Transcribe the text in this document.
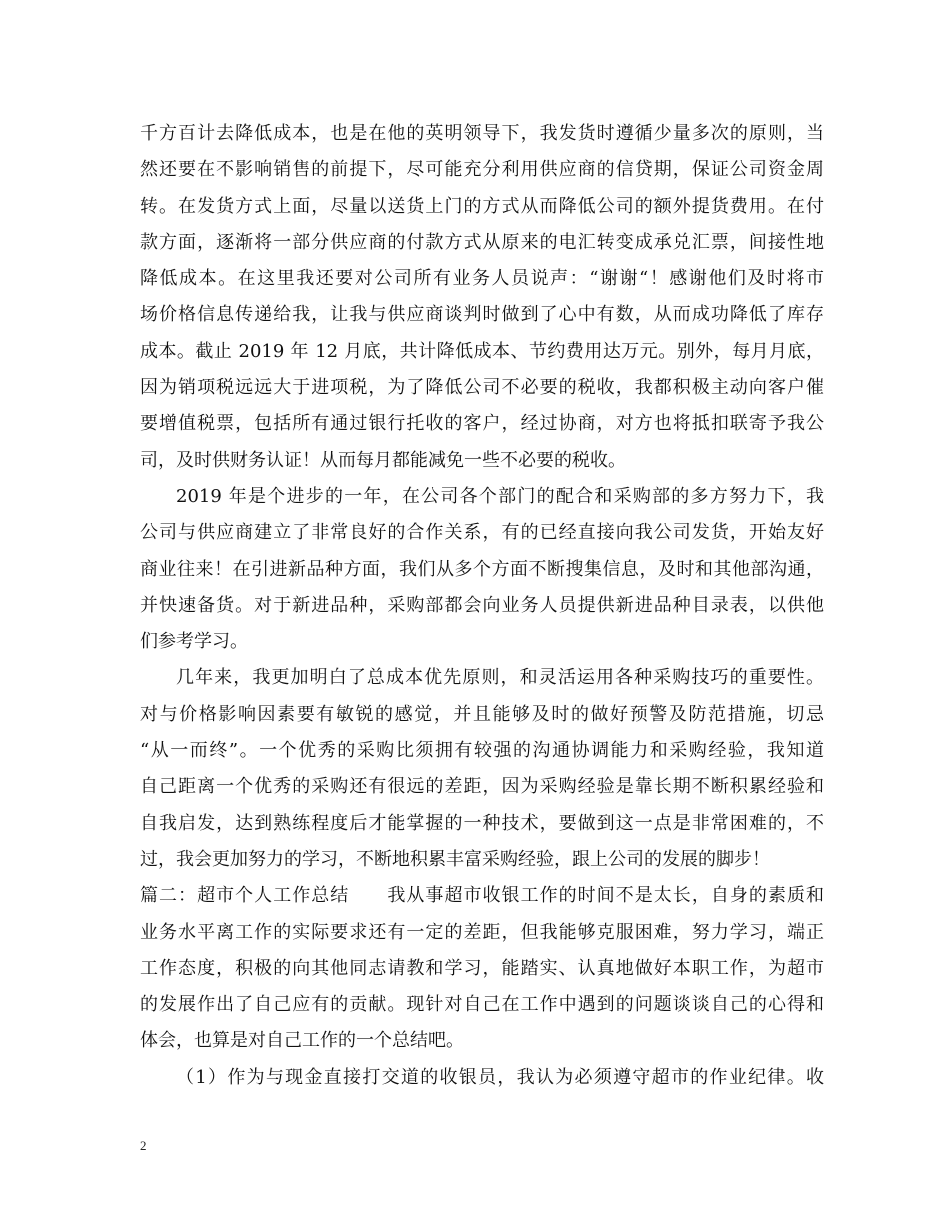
千方百计去降低成本，也是在他的英明领导下，我发货时遵循少量多次的原则，当
然还要在不影响销售的前提下，尽可能充分利用供应商的信贷期，保证公司资金周
转。在发货方式上面，尽量以送货上门的方式从而降低公司的额外提货费用。在付
款方面，逐渐将一部分供应商的付款方式从原来的电汇转变成承兑汇票，间接性地
降低成本。在这里我还要对公司所有业务人员说声：“谢谢“！感谢他们及时将市
场价格信息传递给我，让我与供应商谈判时做到了心中有数，从而成功降低了库存
成本。截止 2019 年 12 月底，共计降低成本、节约费用达万元。别外，每月月底，
因为销项税远远大于进项税，为了降低公司不必要的税收，我都积极主动向客户催
要增值税票，包括所有通过银行托收的客户，经过协商，对方也将抵扣联寄予我公
司，及时供财务认证！从而每月都能减免一些不必要的税收。
2019 年是个进步的一年，在公司各个部门的配合和采购部的多方努力下，我
公司与供应商建立了非常良好的合作关系，有的已经直接向我公司发货，开始友好
商业往来！在引进新品种方面，我们从多个方面不断搜集信息，及时和其他部沟通，
并快速备货。对于新进品种，采购部都会向业务人员提供新进品种目录表，以供他
们参考学习。
几年来，我更加明白了总成本优先原则，和灵活运用各种采购技巧的重要性。
对与价格影响因素要有敏锐的感觉，并且能够及时的做好预警及防范措施，切忌
“从一而终”。一个优秀的采购比须拥有较强的沟通协调能力和采购经验，我知道
自己距离一个优秀的采购还有很远的差距，因为采购经验是靠长期不断积累经验和
自我启发，达到熟练程度后才能掌握的一种技术，要做到这一点是非常困难的，不
过，我会更加努力的学习，不断地积累丰富采购经验，跟上公司的发展的脚步！
篇二：超市个人工作总结　　我从事超市收银工作的时间不是太长，自身的素质和
业务水平离工作的实际要求还有一定的差距，但我能够克服困难，努力学习，端正
工作态度，积极的向其他同志请教和学习，能踏实、认真地做好本职工作，为超市
的发展作出了自己应有的贡献。现针对自己在工作中遇到的问题谈谈自己的心得和
体会，也算是对自己工作的一个总结吧。
（1）作为与现金直接打交道的收银员，我认为必须遵守超市的作业纪律。收
2
